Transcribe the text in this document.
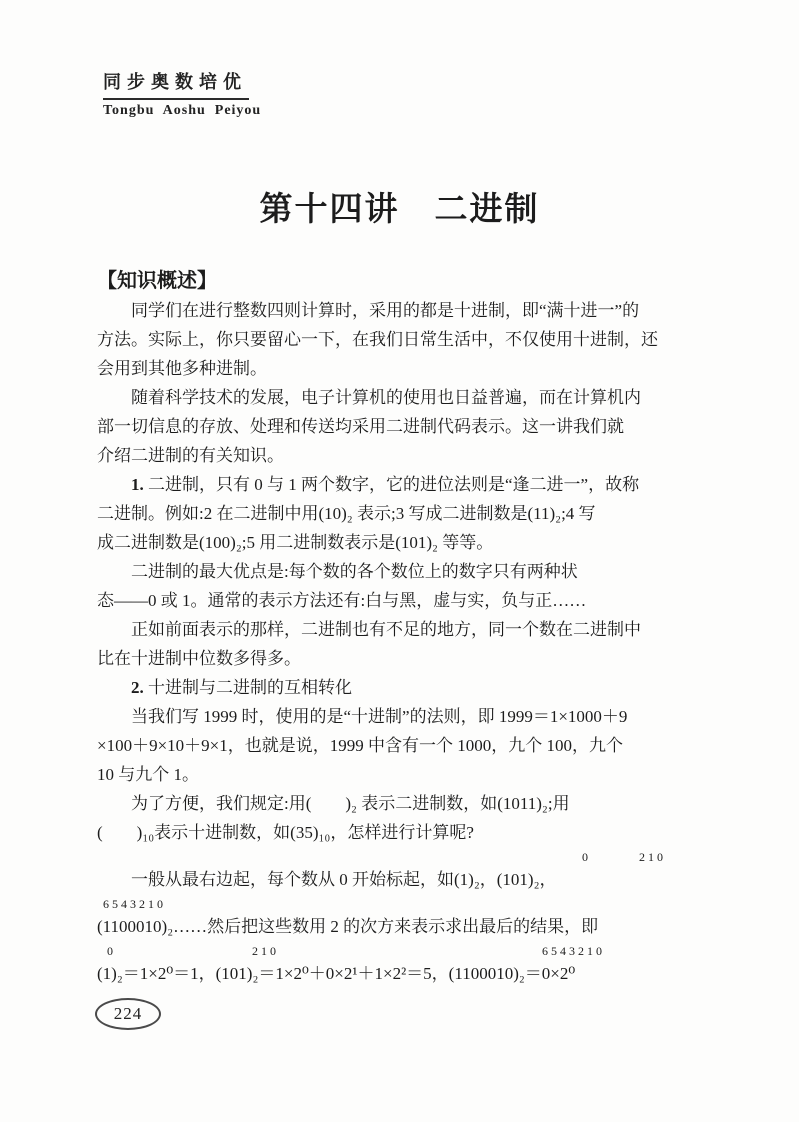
同步奥数培优
Tongbu  Aoshu  Peiyou
第十四讲　二进制
【知识概述】
同学们在进行整数四则计算时，采用的都是十进制，即“满十进一”的
方法。实际上，你只要留心一下，在我们日常生活中，不仅使用十进制，还
会用到其他多种进制。
随着科学技术的发展，电子计算机的使用也日益普遍，而在计算机内
部一切信息的存放、处理和传送均采用二进制代码表示。这一讲我们就
介绍二进制的有关知识。
1. 二进制，只有 0 与 1 两个数字，它的进位法则是“逢二进一”，故称
二进制。例如:2 在二进制中用(10)₂ 表示;3 写成二进制数是(11)₂;4 写
成二进制数是(100)₂;5 用二进制数表示是(101)₂ 等等。
二进制的最大优点是:每个数的各个数位上的数字只有两种状
态——0 或 1。通常的表示方法还有:白与黑，虚与实，负与正……
正如前面表示的那样，二进制也有不足的地方，同一个数在二进制中
比在十进制中位数多得多。
2. 十进制与二进制的互相转化
当我们写 1999 时，使用的是“十进制”的法则，即 1999＝1×1000＋9
×100＋9×10＋9×1，也就是说，1999 中含有一个 1000，九个 100，九个
10 与九个 1。
为了方便，我们规定:用(　　)₂ 表示二进制数，如(1011)₂;用
(　　)₁₀表示十进制数，如(35)₁₀，怎样进行计算呢?
0	210
一般从最右边起，每个数从 0 开始标起，如(1)₂，(101)₂，
6543210
(1100010)₂……然后把这些数用 2 的次方来表示求出最后的结果，即
0	210	6543210
(1)₂＝1×2⁰＝1，(101)₂＝1×2⁰＋0×2¹＋1×2²＝5，(1100010)₂＝0×2⁰
224
